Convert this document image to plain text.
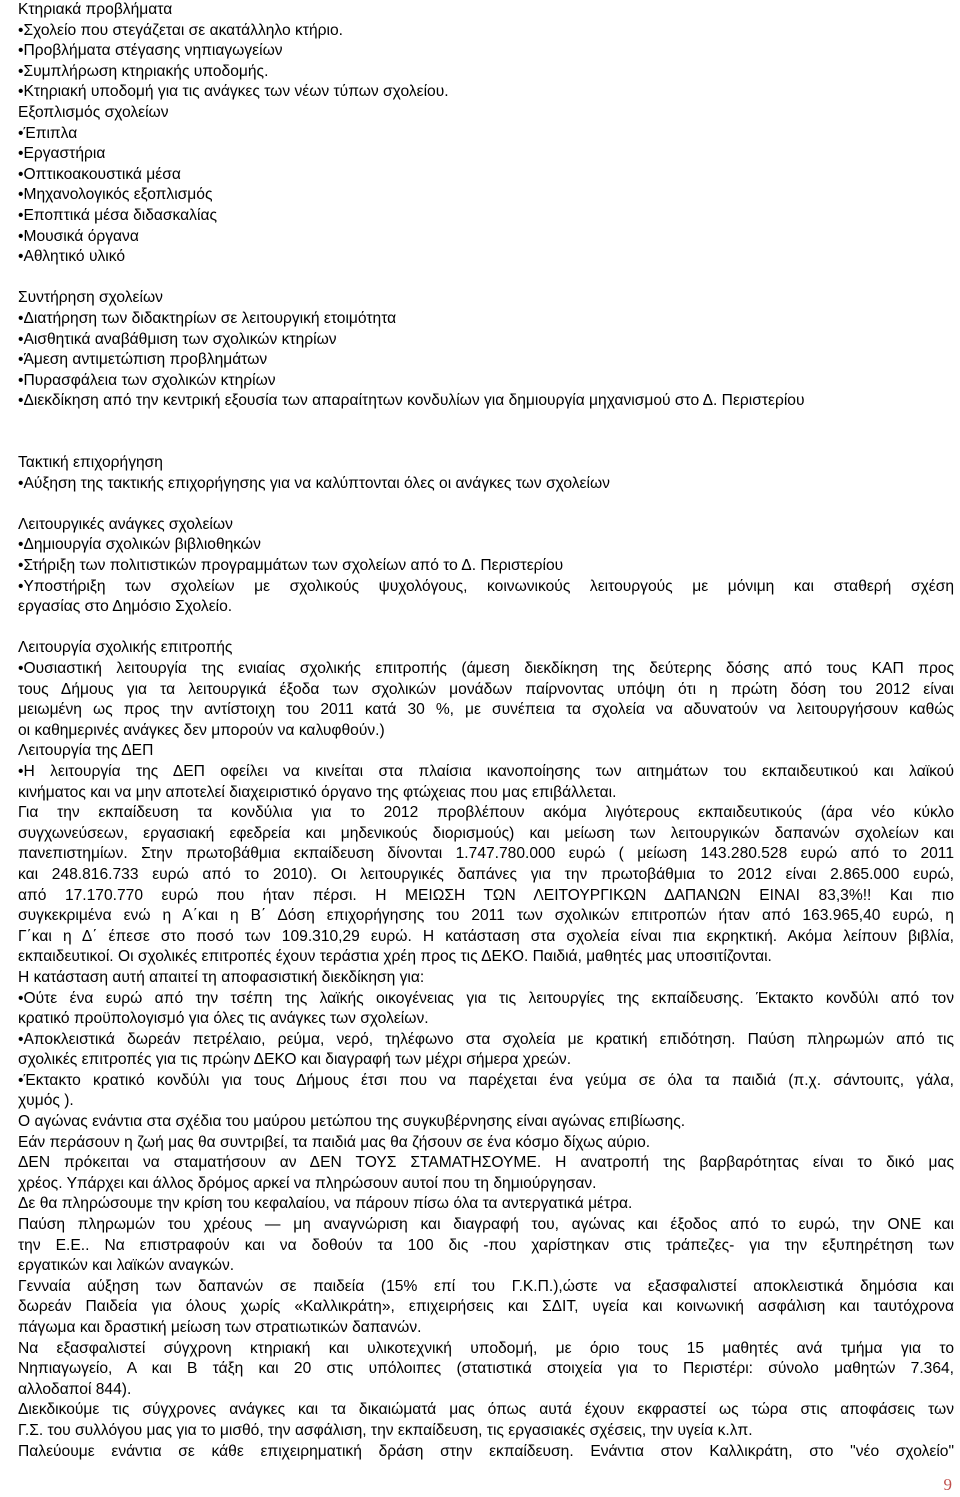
Κτηριακά προβλήματα
•Σχολείο που στεγάζεται σε ακατάλληλο κτήριο.
•Προβλήματα στέγασης νηπιαγωγείων
•Συμπλήρωση κτηριακής υποδομής.
•Κτηριακή υποδομή για τις ανάγκες των νέων τύπων σχολείου.
Εξοπλισμός σχολείων
•Έπιπλα
•Εργαστήρια
•Οπτικοακουστικά μέσα
•Μηχανολογικός εξοπλισμός
•Εποπτικά μέσα διδασκαλίας
•Μουσικά όργανα
•Αθλητικό υλικό
Συντήρηση σχολείων
•Διατήρηση των διδακτηρίων σε λειτουργική ετοιμότητα
•Αισθητικά αναβάθμιση των σχολικών κτηρίων
•Άμεση αντιμετώπιση προβλημάτων
•Πυρασφάλεια των σχολικών κτηρίων
•Διεκδίκηση από την κεντρική εξουσία των απαραίτητων κονδυλίων για δημιουργία μηχανισμού στο Δ. Περιστερίου
Τακτική επιχορήγηση
•Αύξηση της τακτικής επιχορήγησης για να καλύπτονται όλες οι ανάγκες των σχολείων
Λειτουργικές ανάγκες σχολείων
•Δημιουργία σχολικών βιβλιοθηκών
•Στήριξη των πολιτιστικών προγραμμάτων των σχολείων από το Δ. Περιστερίου
•Υποστήριξη των σχολείων με σχολικούς ψυχολόγους, κοινωνικούς λειτουργούς με μόνιμη και σταθερή σχέση
εργασίας στο Δημόσιο Σχολείο.
Λειτουργία σχολικής επιτροπής
•Ουσιαστική λειτουργία της ενιαίας σχολικής επιτροπής (άμεση διεκδίκηση της δεύτερης δόσης από τους ΚΑΠ προς
τους Δήμους για τα λειτουργικά έξοδα των σχολικών μονάδων παίρνοντας υπόψη ότι η πρώτη δόση του 2012 είναι
μειωμένη ως προς την αντίστοιχη του 2011 κατά 30 %, με συνέπεια τα σχολεία να αδυνατούν να λειτουργήσουν καθώς
οι καθημερινές ανάγκες δεν μπορούν να καλυφθούν.)
Λειτουργία της ΔΕΠ
•Η λειτουργία της ΔΕΠ οφείλει να κινείται στα πλαίσια ικανοποίησης των αιτημάτων του εκπαιδευτικού και λαϊκού
κινήματος και να μην αποτελεί διαχειριστικό όργανο της φτώχειας που μας επιβάλλεται.
Για την εκπαίδευση τα κονδύλια για το 2012 προβλέπουν ακόμα λιγότερους εκπαιδευτικούς (άρα νέο κύκλο
συγχωνεύσεων, εργασιακή εφεδρεία και μηδενικούς διορισμούς) και μείωση των λειτουργικών δαπανών σχολείων και
πανεπιστημίων. Στην πρωτοβάθμια εκπαίδευση δίνονται 1.747.780.000 ευρώ ( μείωση 143.280.528 ευρώ από το 2011
και 248.816.733 ευρώ από το 2010). Οι λειτουργικές δαπάνες για την πρωτοβάθμια το 2012 είναι 2.865.000 ευρώ,
από 17.170.770 ευρώ που ήταν πέρσι. Η ΜΕΙΩΣΗ ΤΩΝ ΛΕΙΤΟΥΡΓΙΚΩΝ ΔΑΠΑΝΩΝ ΕΙΝΑΙ 83,3%!! Και πιο
συγκεκριμένα ενώ η Α΄και η Β΄ Δόση επιχορήγησης του 2011 των σχολικών επιτροπών ήταν από 163.965,40 ευρώ, η
Γ΄και η Δ΄ έπεσε στο ποσό των 109.310,29 ευρώ. Η κατάσταση στα σχολεία είναι πια εκρηκτική. Ακόμα λείπουν βιβλία,
εκπαιδευτικοί. Οι σχολικές επιτροπές έχουν τεράστια χρέη προς τις ΔΕΚΟ. Παιδιά, μαθητές μας υποσιτίζονται.
Η κατάσταση αυτή απαιτεί τη αποφασιστική διεκδίκηση για:
•Ούτε ένα ευρώ από την τσέπη της λαϊκής οικογένειας για τις λειτουργίες της εκπαίδευσης. Έκτακτο κονδύλι από τον
κρατικό προϋπολογισμό για όλες τις ανάγκες των σχολείων.
•Αποκλειστικά δωρεάν πετρέλαιο, ρεύμα, νερό, τηλέφωνο στα σχολεία με κρατική επιδότηση. Παύση πληρωμών από τις
σχολικές επιτροπές για τις πρώην ΔΕΚΟ και διαγραφή των μέχρι σήμερα χρεών.
•Έκτακτο κρατικό κονδύλι για τους Δήμους έτσι που να παρέχεται ένα γεύμα σε όλα τα παιδιά (π.χ. σάντουιτς, γάλα,
χυμός ).
Ο αγώνας ενάντια στα σχέδια του μαύρου μετώπου της συγκυβέρνησης είναι αγώνας επιβίωσης.
Εάν περάσουν η ζωή μας θα συντριβεί, τα παιδιά μας θα ζήσουν σε ένα κόσμο δίχως αύριο.
ΔΕΝ πρόκειται να σταματήσουν αν ΔΕΝ ΤΟΥΣ ΣΤΑΜΑΤΗΣΟΥΜΕ. Η ανατροπή της βαρβαρότητας είναι το δικό μας
χρέος. Υπάρχει και άλλος δρόμος αρκεί να πληρώσουν αυτοί που τη δημιούργησαν.
Δε θα πληρώσουμε την κρίση του κεφαλαίου, να πάρουν πίσω όλα τα αντεργατικά μέτρα.
Παύση πληρωμών του χρέους — μη αναγνώριση και διαγραφή του, αγώνας και έξοδος από το ευρώ, την ΟΝΕ και
την Ε.Ε.. Να επιστραφούν και να δοθούν τα 100 δις -που χαρίστηκαν στις τράπεζες- για την εξυπηρέτηση των
εργατικών και λαϊκών αναγκών.
Γενναία αύξηση των δαπανών σε παιδεία (15% επί του Γ.Κ.Π.),ώστε να εξασφαλιστεί αποκλειστικά δημόσια και
δωρεάν Παιδεία για όλους χωρίς «Καλλικράτη», επιχειρήσεις και ΣΔΙΤ, υγεία και κοινωνική ασφάλιση και ταυτόχρονα
πάγωμα και δραστική μείωση των στρατιωτικών δαπανών.
Να εξασφαλιστεί σύγχρονη κτηριακή και υλικοτεχνική υποδομή, με όριο τους 15 μαθητές ανά τμήμα για το
Νηπιαγωγείο, Α και Β τάξη και 20 στις υπόλοιπες (στατιστικά στοιχεία για το Περιστέρι: σύνολο μαθητών 7.364,
αλλοδαποί 844).
Διεκδικούμε τις σύγχρονες ανάγκες και τα δικαιώματά μας όπως αυτά έχουν εκφραστεί ως τώρα στις αποφάσεις των
Γ.Σ. του συλλόγου μας για το μισθό, την ασφάλιση, την εκπαίδευση, τις εργασιακές σχέσεις, την υγεία κ.λπ.
Παλεύουμε ενάντια σε κάθε επιχειρηματική δράση στην εκπαίδευση. Ενάντια στον Καλλικράτη, στο "νέο σχολείο"
9
